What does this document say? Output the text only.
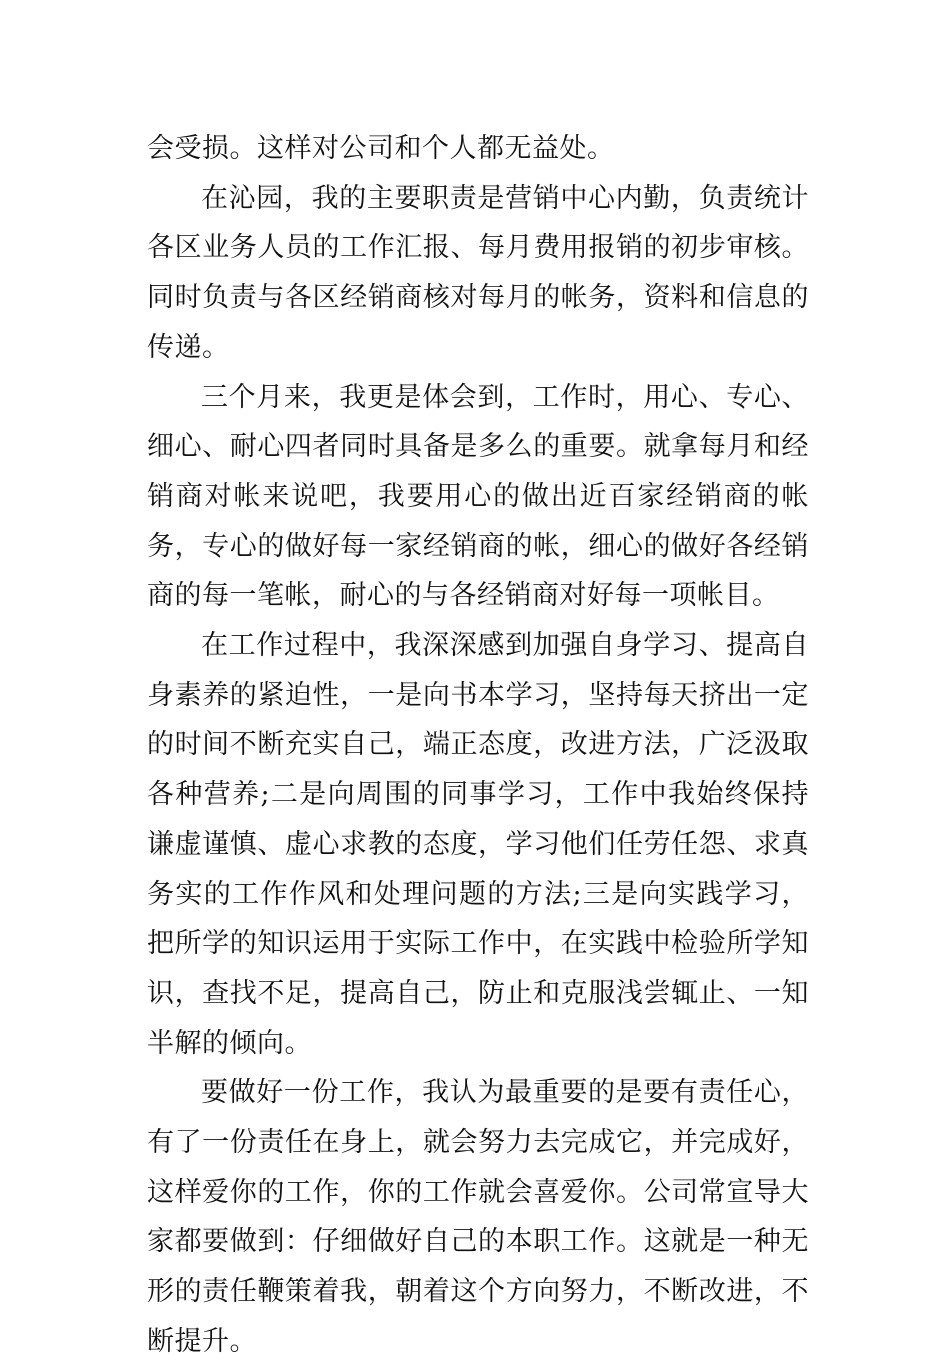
会受损。这样对公司和个人都无益处。

在沁园，我的主要职责是营销中心内勤，负责统计各区业务人员的工作汇报、每月费用报销的初步审核。同时负责与各区经销商核对每月的帐务，资料和信息的传递。

三个月来，我更是体会到，工作时，用心、专心、细心、耐心四者同时具备是多么的重要。就拿每月和经销商对帐来说吧，我要用心的做出近百家经销商的帐务，专心的做好每一家经销商的帐，细心的做好各经销商的每一笔帐，耐心的与各经销商对好每一项帐目。

在工作过程中，我深深感到加强自身学习、提高自身素养的紧迫性，一是向书本学习，坚持每天挤出一定的时间不断充实自己，端正态度，改进方法，广泛汲取各种营养;二是向周围的同事学习，工作中我始终保持谦虚谨慎、虚心求教的态度，学习他们任劳任怨、求真务实的工作作风和处理问题的方法;三是向实践学习，把所学的知识运用于实际工作中，在实践中检验所学知识，查找不足，提高自己，防止和克服浅尝辄止、一知半解的倾向。

要做好一份工作，我认为最重要的是要有责任心，有了一份责任在身上，就会努力去完成它，并完成好，这样爱你的工作，你的工作就会喜爱你。公司常宣导大家都要做到：仔细做好自己的本职工作。这就是一种无形的责任鞭策着我，朝着这个方向努力，不断改进，不断提升。
